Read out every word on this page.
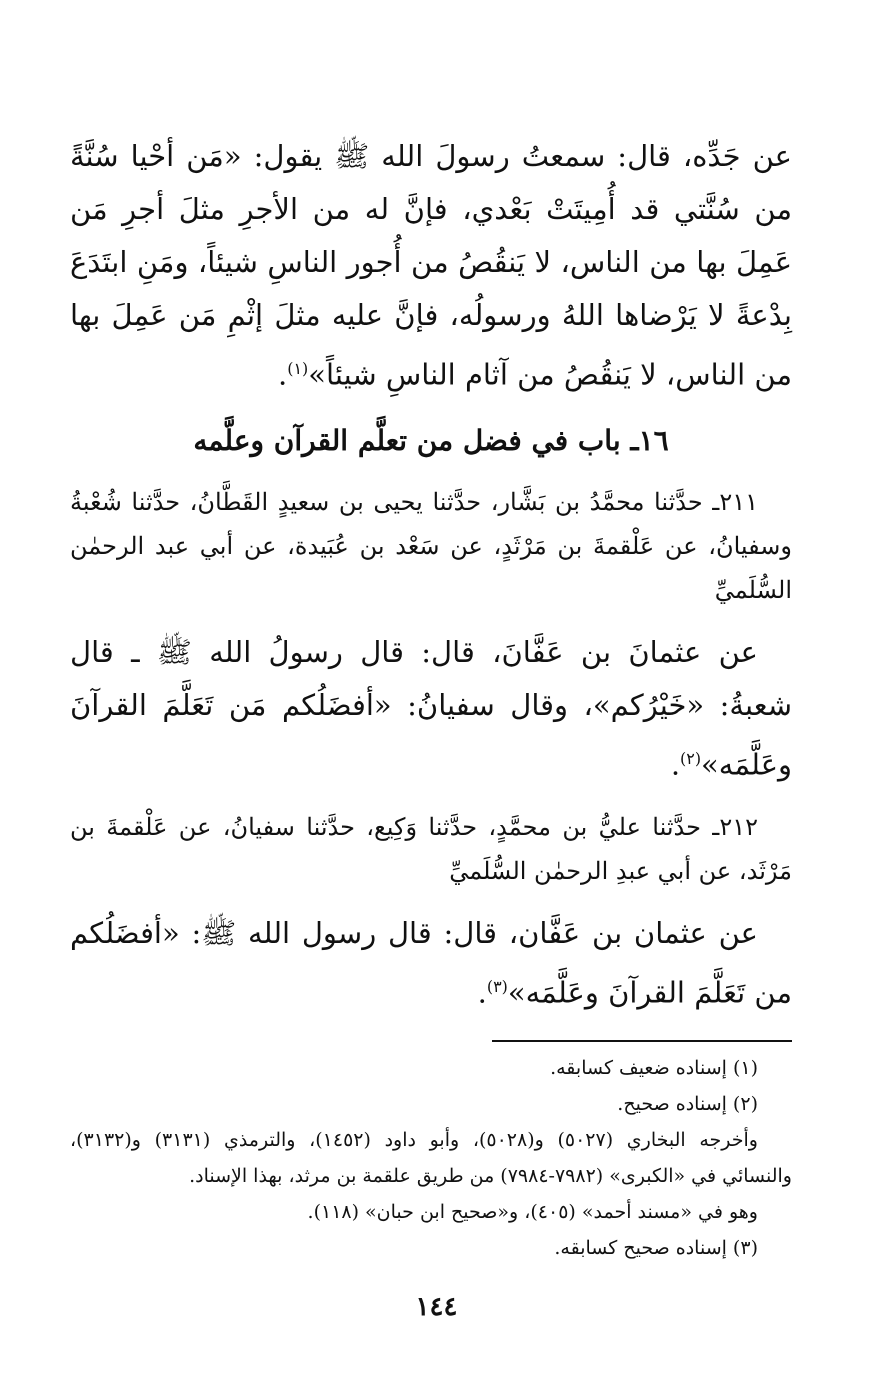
عن جَدِّه، قال: سمعتُ رسولَ الله ﷺ يقول: «مَن أحْيا سُنَّةً من سُنَّتي قد أُمِيتَتْ بَعْدي، فإنَّ له من الأجرِ مثلَ أجرِ مَن عَمِلَ بها من الناس، لا يَنقُصُ من أُجور الناسِ شيئاً، ومَنِ ابتَدَعَ بِدْعةً لا يَرْضاها اللهُ ورسولُه، فإنَّ عليه مثلَ إثْمِ مَن عَمِلَ بها من الناس، لا يَنقُصُ من آثام الناسِ شيئاً»$^{(١)}$.

١٦ـ باب في فضل من تعلَّم القرآن وعلَّمه

٢١١ـ حدَّثنا محمَّدُ بن بَشَّار، حدَّثنا يحيى بن سعيدٍ القَطَّانُ، حدَّثنا شُعْبةُ وسفيانُ، عن عَلْقمةَ بن مَرْثَدٍ، عن سَعْد بن عُبَيدة، عن أبي عبد الرحمٰن السُّلَميِّ

عن عثمانَ بن عَفَّانَ، قال: قال رسولُ الله ﷺ ـ قال شعبةُ: «خَيْرُكم»، وقال سفيانُ: «أفضَلُكم مَن تَعَلَّمَ القرآنَ وعَلَّمَه»$^{(٢)}$.

٢١٢ـ حدَّثنا عليُّ بن محمَّدٍ، حدَّثنا وَكِيع، حدَّثنا سفيانُ، عن عَلْقمةَ بن مَرْثَد، عن أبي عبدِ الرحمٰن السُّلَميِّ

عن عثمان بن عَفَّان، قال: قال رسول الله ﷺ: «أفضَلُكم من تَعَلَّمَ القرآنَ وعَلَّمَه»$^{(٣)}$.

(١) إسناده ضعيف كسابقه.

(٢) إسناده صحيح.

وأخرجه البخاري (٥٠٢٧) و(٥٠٢٨)، وأبو داود (١٤٥٢)، والترمذي (٣١٣١) و(٣١٣٢)، والنسائي في «الكبرى» (٧٩٨٢-٧٩٨٤) من طريق علقمة بن مرثد، بهذا الإسناد.

وهو في «مسند أحمد» (٤٠٥)، و«صحيح ابن حبان» (١١٨).

(٣) إسناده صحيح كسابقه.

١٤٤
